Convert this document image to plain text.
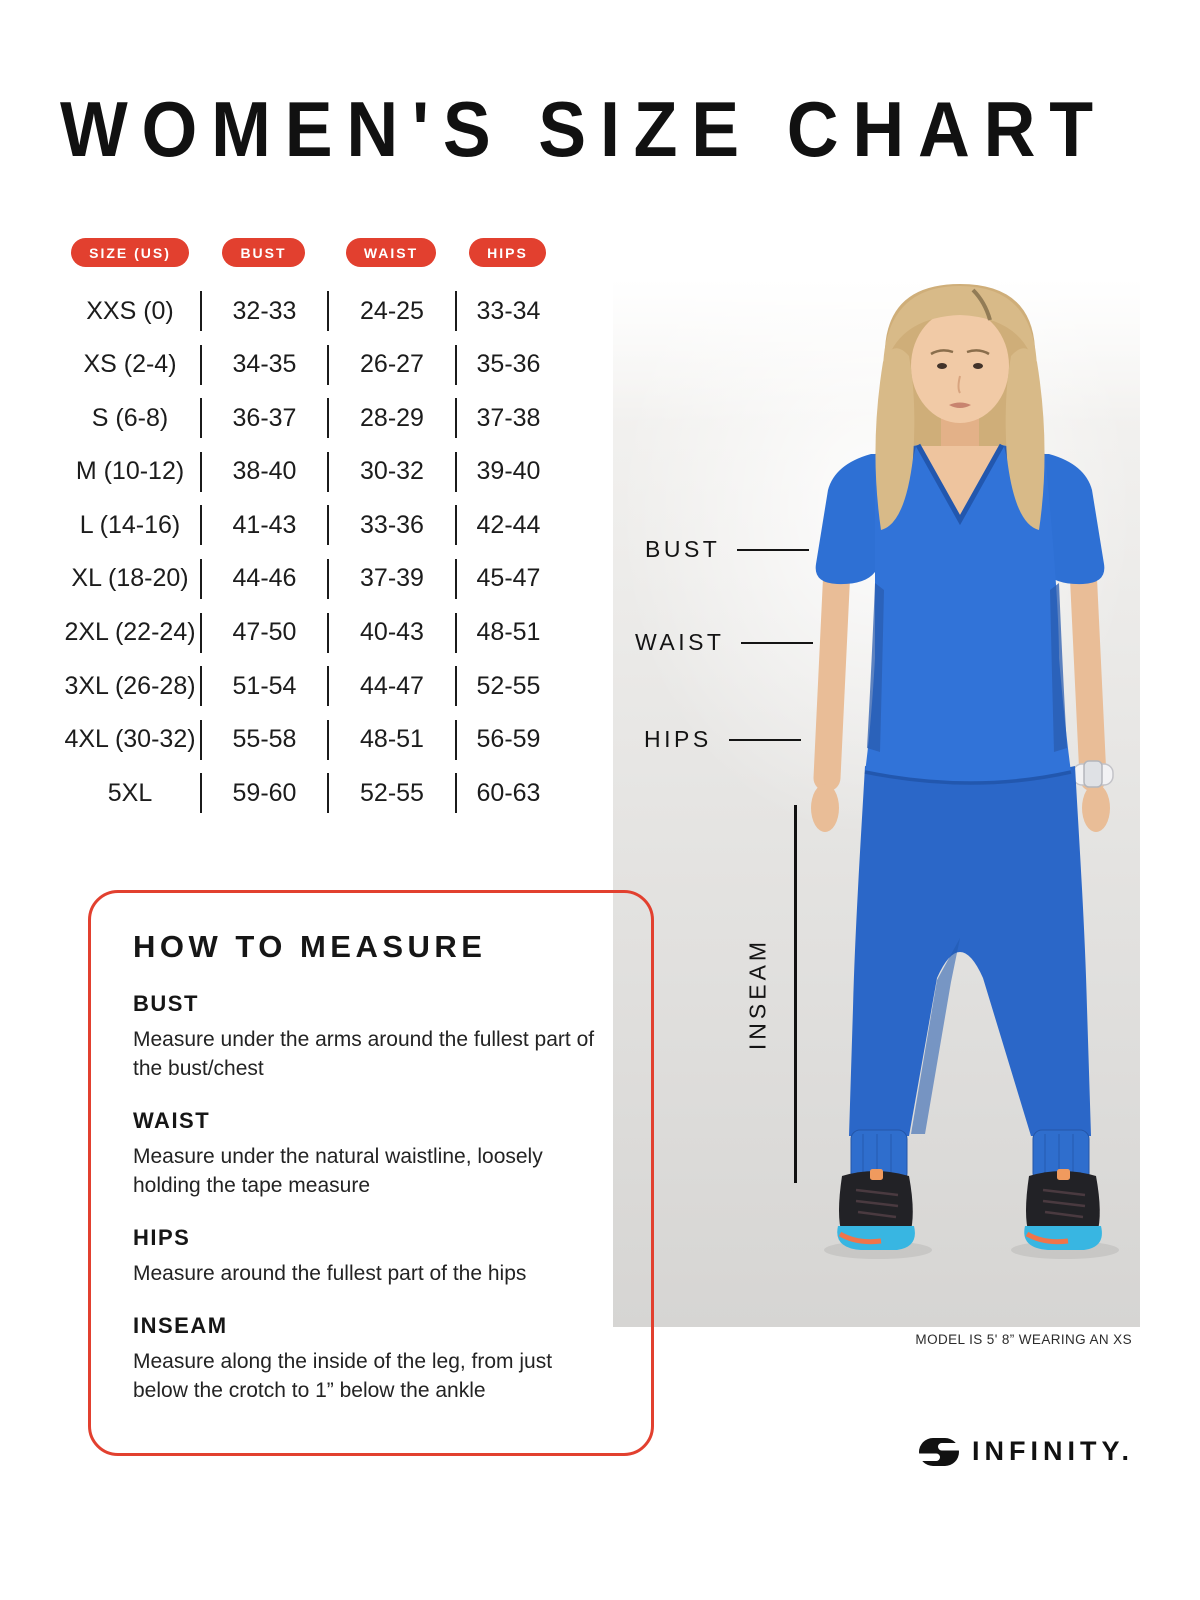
WOMEN'S SIZE CHART
SIZE (US)	BUST	WAIST	HIPS
XXS (0)	32-33	24-25	33-34
XS (2-4)	34-35	26-27	35-36
S (6-8)	36-37	28-29	37-38
M (10-12)	38-40	30-32	39-40
L (14-16)	41-43	33-36	42-44
XL (18-20)	44-46	37-39	45-47
2XL (22-24)	47-50	40-43	48-51
3XL (26-28)	51-54	44-47	52-55
4XL (30-32)	55-58	48-51	56-59
5XL	59-60	52-55	60-63
BUST
WAIST
HIPS
INSEAM
MODEL IS 5' 8” WEARING AN XS
HOW TO MEASURE
BUST

Measure under the arms around the fullest part of the bust/chest

WAIST

Measure under the natural waistline, loosely holding the tape measure

HIPS

Measure around the fullest part of the hips

INSEAM

Measure along the inside of the leg, from just below the crotch to 1” below the ankle

INFINITY.
